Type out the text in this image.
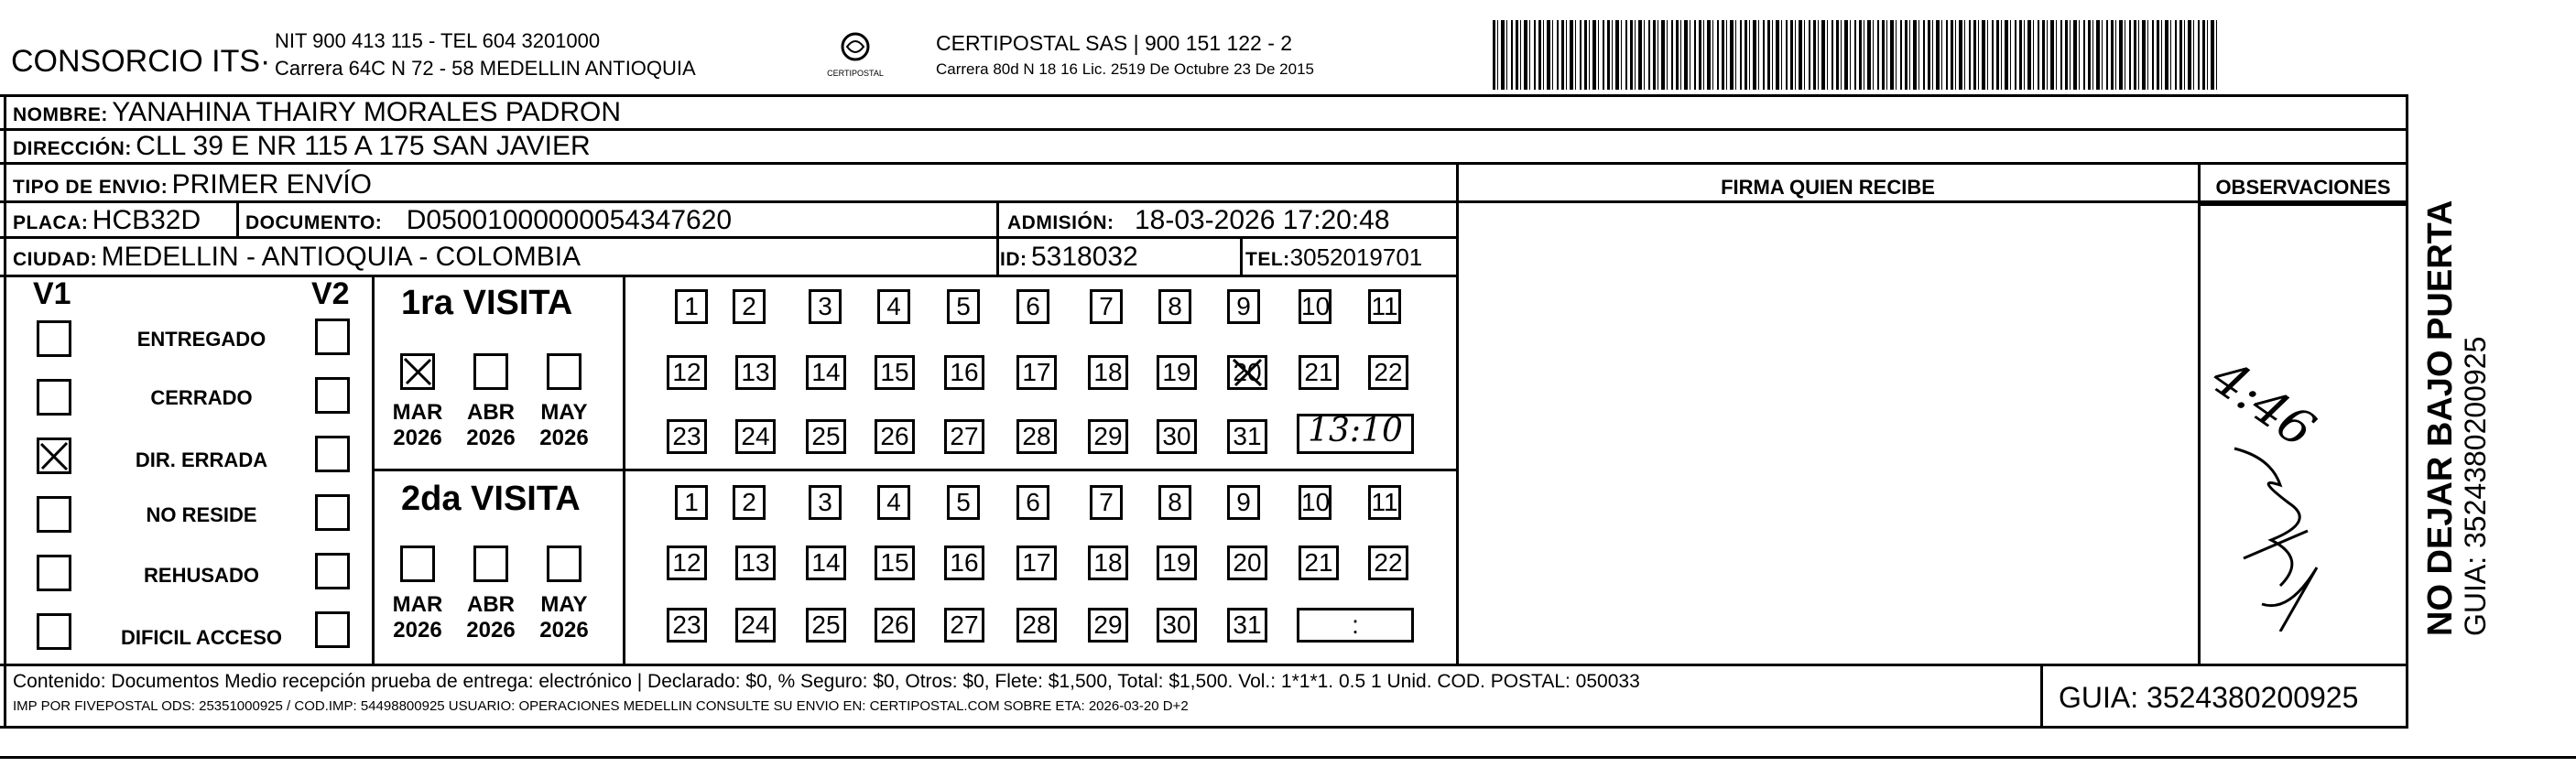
CONSORCIO ITS·
NIT 900 413 115 - TEL 604 3201000
Carrera 64C N 72 - 58 MEDELLIN ANTIOQUIA	CERTIPOSTAL
CERTIPOSTAL SAS | 900 151 122 - 2
Carrera 80d N 18 16 Lic. 2519 De Octubre 23 De 2015
NOMBRE: YANAHINA THAIRY MORALES PADRON
DIRECCIÓN: CLL 39 E NR 115 A 175 SAN JAVIER
TIPO DE ENVIO: PRIMER ENVÍO	FIRMA QUIEN RECIBE	OBSERVACIONES
PLACA: HCB32D DOCUMENTO: D05001000000054347620	ADMISIÓN: 18-03-2026 17:20:48
CIUDAD: MEDELLIN - ANTIOQUIA - COLOMBIA	ID: 5318032	TEL:3052019701
V1	V2
ENTREGADO
CERRADO
DIR. ERRADA
NO RESIDE
REHUSADO
DIFICIL ACCESO
1ra VISITA
MAR ABR MAY
2026 2026 2026
1	2	3	4	5	6	7	8	9	10 11
12 13 14 15 16 17 18 19 20 21 22
23 24 25 26 27 28 29 30 31	13:10
2da VISITA
MAR ABR MAY
2026 2026 2026
1	2	3	4	5	6	7	8	9	10 11
12 13 14 15 16 17 18 19 20 21 22
23 24 25 26 27 28 29 30 31	:
4:46	NO DEJAR BAJO PUERTA GUIA: 3524380200925
Contenido: Documentos Medio recepción prueba de entrega: electrónico | Declarado: $0, % Seguro: $0, Otros: $0, Flete: $1,500, Total: $1,500. Vol.: 1*1*1. 0.5 1 Unid. COD. POSTAL: 050033
IMP POR FIVEPOSTAL ODS: 25351000925 / COD.IMP: 54498800925 USUARIO: OPERACIONES MEDELLIN CONSULTE SU ENVIO EN: CERTIPOSTAL.COM SOBRE ETA: 2026-03-20 D+2	GUIA: 3524380200925
